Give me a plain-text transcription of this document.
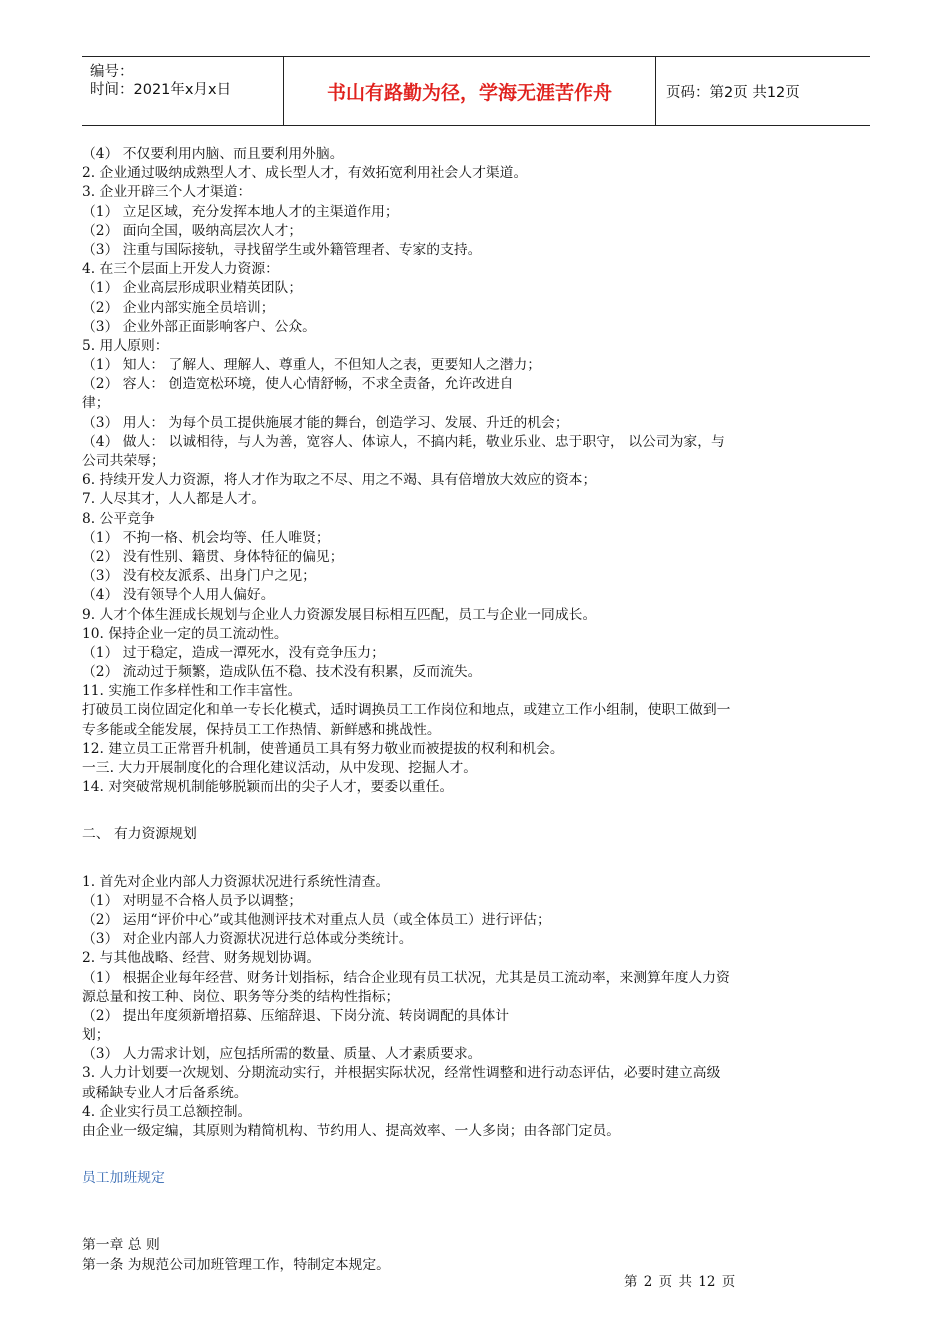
编号：
时间：2021年x月x日	书山有路勤为径，学海无涯苦作舟	页码：第2页 共12页
（4） 不仅要利用内脑、而且要利用外脑。
2. 企业通过吸纳成熟型人才、成长型人才，有效拓宽利用社会人才渠道。
3. 企业开辟三个人才渠道：
（1） 立足区域，充分发挥本地人才的主渠道作用；
（2） 面向全国，吸纳高层次人才；
（3） 注重与国际接轨，寻找留学生或外籍管理者、专家的支持。
4. 在三个层面上开发人力资源：
（1） 企业高层形成职业精英团队；
（2） 企业内部实施全员培训；
（3） 企业外部正面影响客户、公众。
5. 用人原则：
（1） 知人： 了解人、理解人、尊重人，不但知人之表，更要知人之潜力；
（2） 容人： 创造宽松环境，使人心情舒畅，不求全责备，允许改进自
律；
（3） 用人： 为每个员工提供施展才能的舞台，创造学习、发展、升迁的机会；
（4） 做人： 以诚相待，与人为善，宽容人、体谅人，不搞内耗，敬业乐业、忠于职守， 以公司为家，与
公司共荣辱；
6. 持续开发人力资源，将人才作为取之不尽、用之不竭、具有倍增放大效应的资本；
7. 人尽其才，人人都是人才。
8. 公平竞争
（1） 不拘一格、机会均等、任人唯贤；
（2） 没有性别、籍贯、身体特征的偏见；
（3） 没有校友派系、出身门户之见；
（4） 没有领导个人用人偏好。
9. 人才个体生涯成长规划与企业人力资源发展目标相互匹配，员工与企业一同成长。
10. 保持企业一定的员工流动性。
（1） 过于稳定，造成一潭死水，没有竞争压力；
（2） 流动过于频繁，造成队伍不稳、技术没有积累，反而流失。
11. 实施工作多样性和工作丰富性。
打破员工岗位固定化和单一专长化模式，适时调换员工工作岗位和地点，或建立工作小组制，使职工做到一
专多能或全能发展，保持员工工作热情、新鲜感和挑战性。
12. 建立员工正常晋升机制，使普通员工具有努力敬业而被提拔的权利和机会。
一三. 大力开展制度化的合理化建议活动，从中发现、挖掘人才。
14. 对突破常规机制能够脱颖而出的尖子人才，要委以重任。
二、 有力资源规划
1. 首先对企业内部人力资源状况进行系统性清查。
（1） 对明显不合格人员予以调整；
（2） 运用“评价中心”或其他测评技术对重点人员（或全体员工）进行评估；
（3） 对企业内部人力资源状况进行总体或分类统计。
2. 与其他战略、经营、财务规划协调。
（1） 根据企业每年经营、财务计划指标，结合企业现有员工状况，尤其是员工流动率，来测算年度人力资
源总量和按工种、岗位、职务等分类的结构性指标；
（2） 提出年度须新增招募、压缩辞退、下岗分流、转岗调配的具体计
划；
（3） 人力需求计划，应包括所需的数量、质量、人才素质要求。
3. 人力计划要一次规划、分期流动实行，并根据实际状况，经常性调整和进行动态评估，必要时建立高级
或稀缺专业人才后备系统。
4. 企业实行员工总额控制。
由企业一级定编，其原则为精简机构、节约用人、提高效率、一人多岗；由各部门定员。
员工加班规定
第一章 总 则
第一条 为规范公司加班管理工作，特制定本规定。
第 2 页 共 12 页
